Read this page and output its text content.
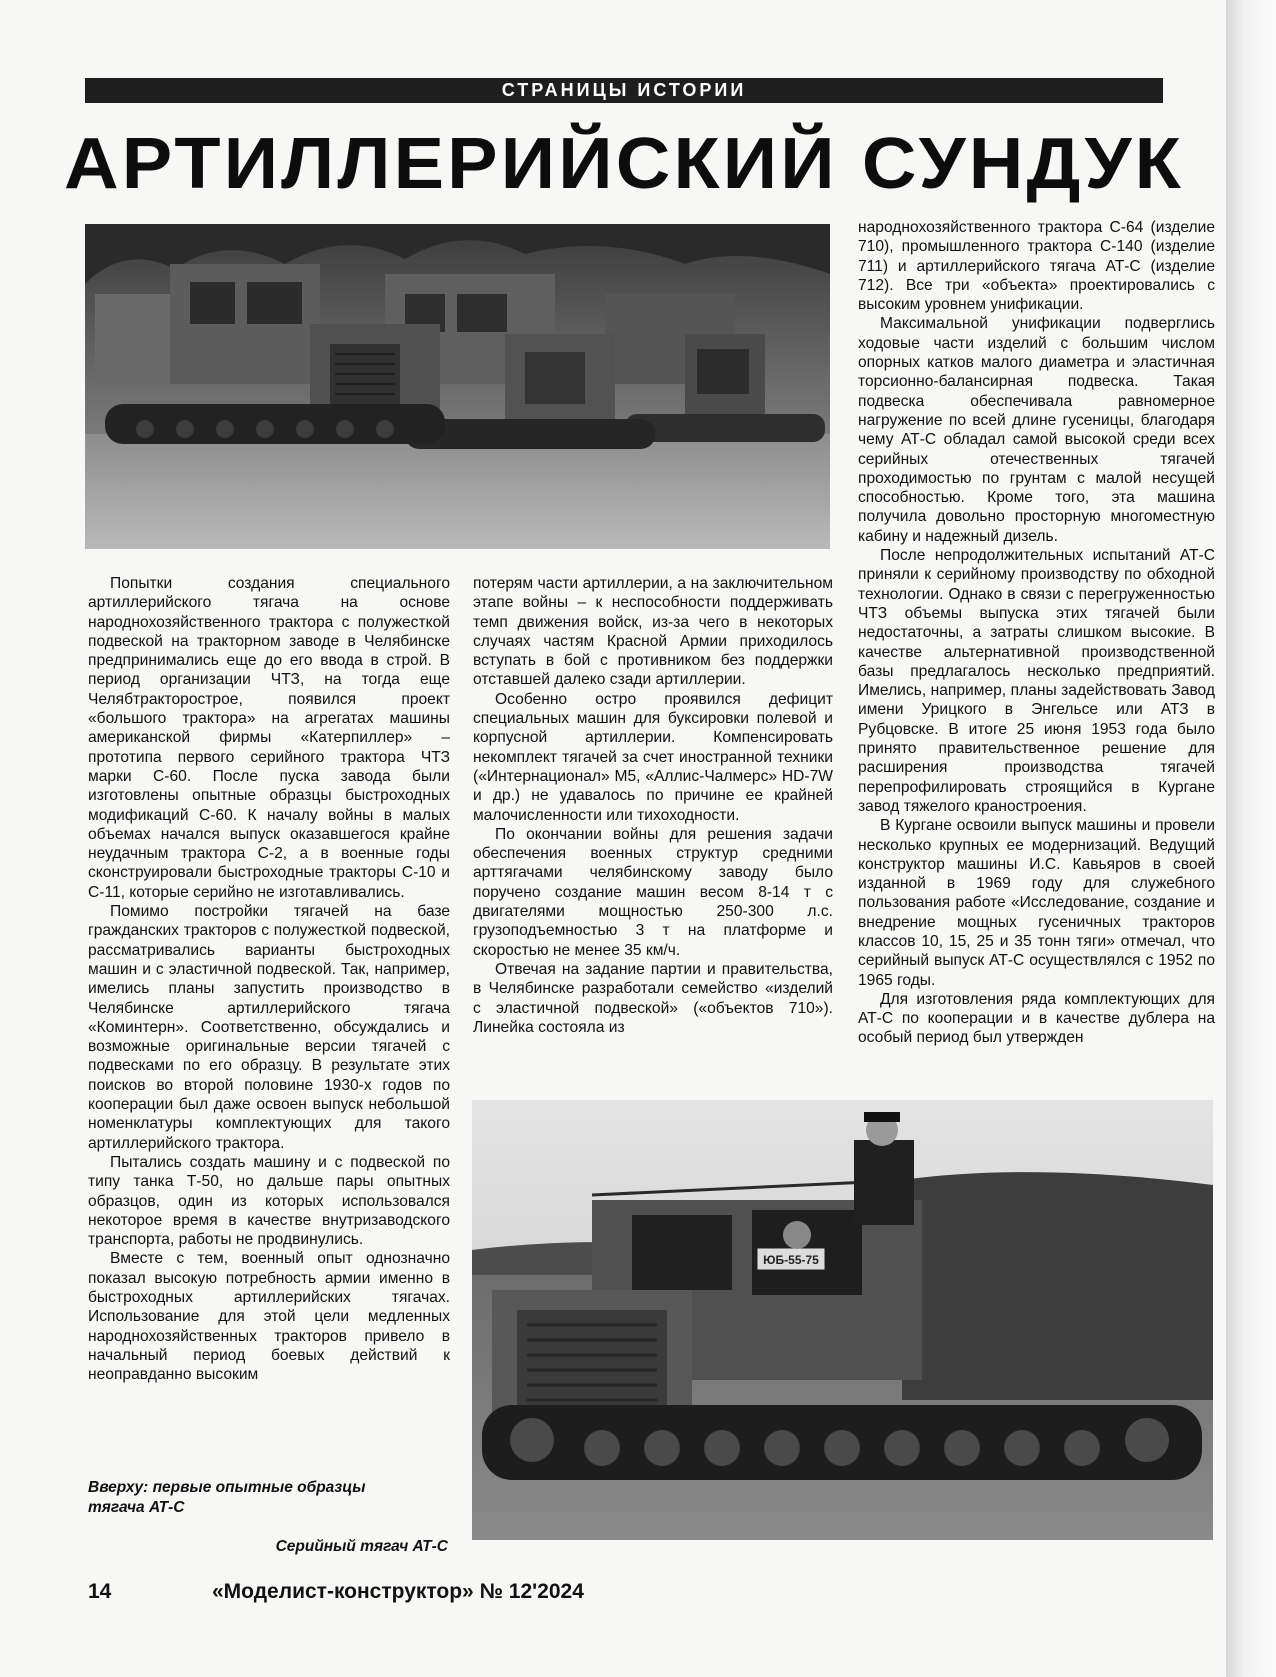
СТРАНИЦЫ ИСТОРИИ
АРТИЛЛЕРИЙСКИЙ СУНДУК

Попытки создания специального артиллерийского тягача на основе народнохозяйственного трактора с полужесткой подвеской на тракторном заводе в Челябинске предпринимались еще до его ввода в строй. В период организации ЧТЗ, на тогда еще Челябтракторострое, появился проект «большого трактора» на агрегатах машины американской фирмы «Катерпиллер» – прототипа первого серийного трактора ЧТЗ марки С-60. После пуска завода были изготовлены опытные образцы быстроходных модификаций С-60. К началу войны в малых объемах начался выпуск оказавшегося крайне неудачным трактора С-2, а в военные годы сконструировали быстроходные тракторы С-10 и С-11, которые серийно не изготавливались.

Помимо постройки тягачей на базе гражданских тракторов с полужесткой подвеской, рассматривались варианты быстроходных машин и с эластичной подвеской. Так, например, имелись планы запустить производство в Челябинске артиллерийского тягача «Коминтерн». Соответственно, обсуждались и возможные оригинальные версии тягачей с подвесками по его образцу. В результате этих поисков во второй половине 1930-х годов по кооперации был даже освоен выпуск небольшой номенклатуры комплектующих для такого артиллерийского трактора.

Пытались создать машину и с подвеской по типу танка Т-50, но дальше пары опытных образцов, один из которых использовался некоторое время в качестве внутризаводского транспорта, работы не продвинулись.

Вместе с тем, военный опыт однозначно показал высокую потребность армии именно в быстроходных артиллерийских тягачах. Использование для этой цели медленных народнохозяйственных тракторов привело в начальный период боевых действий к неоправданно высоким

потерям части артиллерии, а на заключительном этапе войны – к неспособности поддерживать темп движения войск, из-за чего в некоторых случаях частям Красной Армии приходилось вступать в бой с противником без поддержки отставшей далеко сзади артиллерии.

Особенно остро проявился дефицит специальных машин для буксировки полевой и корпусной артиллерии. Компенсировать некомплект тягачей за счет иностранной техники («Интернационал» М5, «Аллис-Чалмерс» HD-7W и др.) не удавалось по причине ее крайней малочисленности или тихоходности.

По окончании войны для решения задачи обеспечения военных структур средними арттягачами челябинскому заводу было поручено создание машин весом 8-14 т с двигателями мощностью 250-300 л.с. грузоподъемностью 3 т на платформе и скоростью не менее 35 км/ч.

Отвечая на задание партии и правительства, в Челябинске разработали семейство «изделий с эластичной подвеской» («объектов 710»). Линейка состояла из

народнохозяйственного трактора С-64 (изделие 710), промышленного трактора С-140 (изделие 711) и артиллерийского тягача АТ-С (изделие 712). Все три «объекта» проектировались с высоким уровнем унификации.

Максимальной унификации подверглись ходовые части изделий с большим числом опорных катков малого диаметра и эластичная торсионно-балансирная подвеска. Такая подвеска обеспечивала равномерное нагружение по всей длине гусеницы, благодаря чему АТ-С обладал самой высокой среди всех серийных отечественных тягачей проходимостью по грунтам с малой несущей способностью. Кроме того, эта машина получила довольно просторную многоместную кабину и надежный дизель.

После непродолжительных испытаний АТ-С приняли к серийному производству по обходной технологии. Однако в связи с перегруженностью ЧТЗ объемы выпуска этих тягачей были недостаточны, а затраты слишком высокие. В качестве альтернативной производственной базы предлагалось несколько предприятий. Имелись, например, планы задействовать Завод имени Урицкого в Энгельсе или АТЗ в Рубцовске. В итоге 25 июня 1953 года было принято правительственное решение для расширения производства тягачей перепрофилировать строящийся в Кургане завод тяжелого краностроения.

В Кургане освоили выпуск машины и провели несколько крупных ее модернизаций. Ведущий конструктор машины И.С. Кавьяров в своей изданной в 1969 году для служебного пользования работе «Исследование, создание и внедрение мощных гусеничных тракторов классов 10, 15, 25 и 35 тонн тяги» отмечал, что серийный выпуск АТ-С осуществлялся с 1952 по 1965 годы.

Для изготовления ряда комплектующих для АТ-С по кооперации и в качестве дублера на особый период был утвержден

ЮБ-55-75
Вверху: первые опытные образцы тягача АТ-С
Серийный тягач АТ-С
14	«Моделист-конструктор» № 12'2024
